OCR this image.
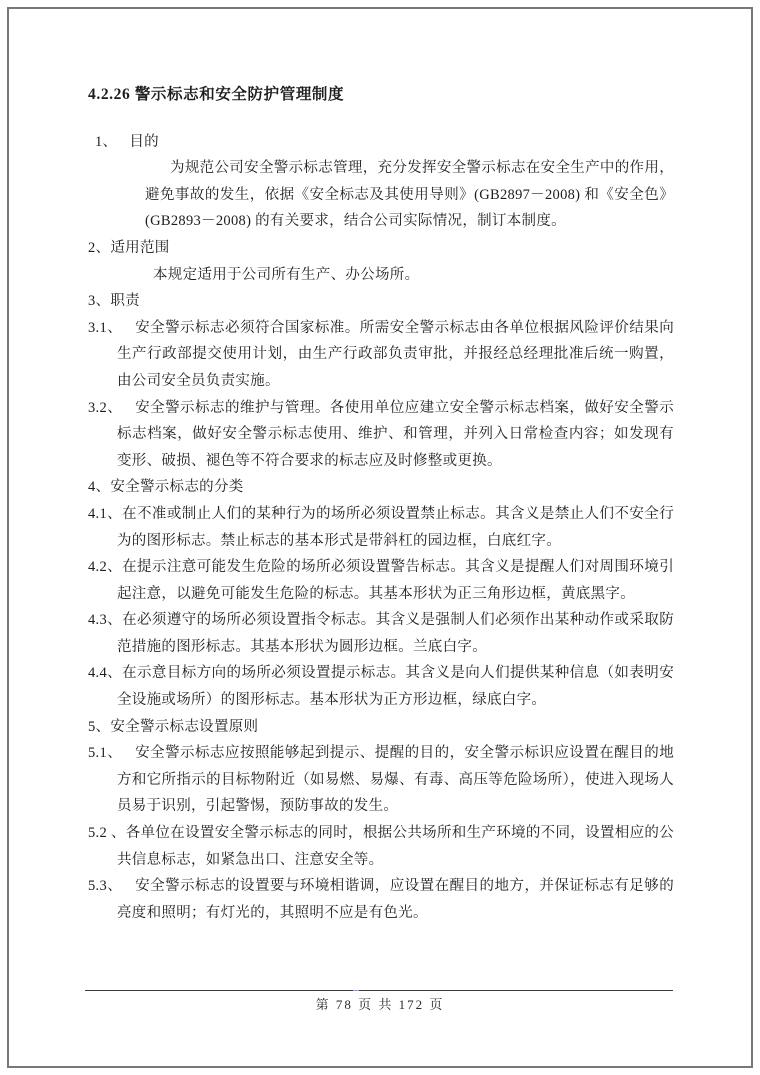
4.2.26 警示标志和安全防护管理制度
1、 目的
为规范公司安全警示标志管理，充分发挥安全警示标志在安全生产中的作用，避免事故的发生，依据《安全标志及其使用导则》(GB2897－2008) 和《安全色》(GB2893－2008) 的有关要求，结合公司实际情况，制订本制度。
2、适用范围
本规定适用于公司所有生产、办公场所。
3、职责
3.1、 安全警示标志必须符合国家标准。所需安全警示标志由各单位根据风险评价结果向生产行政部提交使用计划，由生产行政部负责审批，并报经总经理批准后统一购置，由公司安全员负责实施。
3.2、 安全警示标志的维护与管理。各使用单位应建立安全警示标志档案，做好安全警示标志档案，做好安全警示标志使用、维护、和管理，并列入日常检查内容；如发现有变形、破损、褪色等不符合要求的标志应及时修整或更换。
4、安全警示标志的分类
4.1、在不准或制止人们的某种行为的场所必须设置禁止标志。其含义是禁止人们不安全行为的图形标志。禁止标志的基本形式是带斜杠的园边框，白底红字。
4.2、在提示注意可能发生危险的场所必须设置警告标志。其含义是提醒人们对周围环境引起注意，以避免可能发生危险的标志。其基本形状为正三角形边框，黄底黑字。
4.3、在必须遵守的场所必须设置指令标志。其含义是强制人们必须作出某种动作或采取防范措施的图形标志。其基本形状为圆形边框。兰底白字。
4.4、在示意目标方向的场所必须设置提示标志。其含义是向人们提供某种信息（如表明安全设施或场所）的图形标志。基本形状为正方形边框，绿底白字。
5、安全警示标志设置原则
5.1、 安全警示标志应按照能够起到提示、提醒的目的，安全警示标识应设置在醒目的地方和它所指示的目标物附近（如易燃、易爆、有毒、高压等危险场所），使进入现场人员易于识别，引起警惕，预防事故的发生。
5.2 、各单位在设置安全警示标志的同时，根据公共场所和生产环境的不同，设置相应的公共信息标志，如紧急出口、注意安全等。
5.3、 安全警示标志的设置要与环境相谐调，应设置在醒目的地方，并保证标志有足够的亮度和照明；有灯光的，其照明不应是有色光。
第 78 页 共 172 页
